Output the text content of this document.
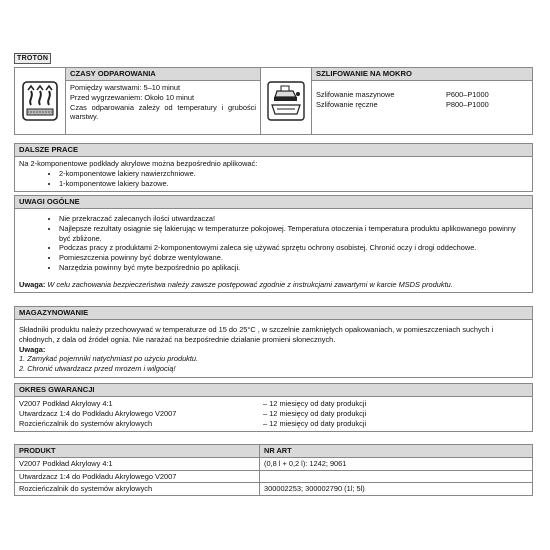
TROTON
CZASY ODPAROWANIA

Pomiędzy warstwami: 5–10 minut

Przed wygrzewaniem: Około 10 minut

Czas odparowania zależy od temperatury i grubości warstwy.

SZLIFOWANIE NA MOKRO
Szlifowanie maszynowe	P600–P1000
Szlifowanie ręczne	P800–P1000
DALSZE PRACE

Na 2-komponentowe podkłady akrylowe można bezpośrednio aplikować:

• 2-komponentowe lakiery nawierzchniowe.
• 1-komponentowe lakiery bazowe.
UWAGI OGÓLNE
• Nie przekraczać zalecanych ilości utwardzacza!
• Najlepsze rezultaty osiągnie się lakierując w temperaturze pokojowej. Temperatura otoczenia i temperatura produktu aplikowanego powinny być zbliżone.
• Podczas pracy z produktami 2-komponentowymi zaleca się używać sprzętu ochrony osobistej. Chronić oczy i drogi oddechowe.
• Pomieszczenia powinny być dobrze wentylowane.
• Narzędzia powinny być myte bezpośrednio po aplikacji.

Uwaga: W celu zachowania bezpieczeństwa należy zawsze postępować zgodnie z instrukcjami zawartymi w karcie MSDS produktu.

MAGAZYNOWANIE

Składniki produktu należy przechowywać w temperaturze od 15 do 25°C , w szczelnie zamkniętych opakowaniach, w pomieszczeniach suchych i chłodnych, z dala od źródeł ognia. Nie narażać na bezpośrednie działanie promieni słonecznych.

Uwaga:

1. Zamykać pojemniki natychmiast po użyciu produktu.

2. Chronić utwardzacz przed mrozem i wilgocią!

OKRES GWARANCJI
V2007 Podkład Akrylowy 4:1	– 12 miesięcy od daty produkcji
Utwardzacz 1:4 do Podkładu Akrylowego V2007	– 12 miesięcy od daty produkcji
Rozcieńczalnik do systemów akrylowych	– 12 miesięcy od daty produkcji
PRODUKT	NR ART
V2007 Podkład Akrylowy 4:1	(0,8 l + 0,2 l): 1242; 9061
Utwardzacz 1:4 do Podkładu Akrylowego V2007	
Rozcieńczalnik do systemów akrylowych	300002253; 300002790 (1l; 5l)
